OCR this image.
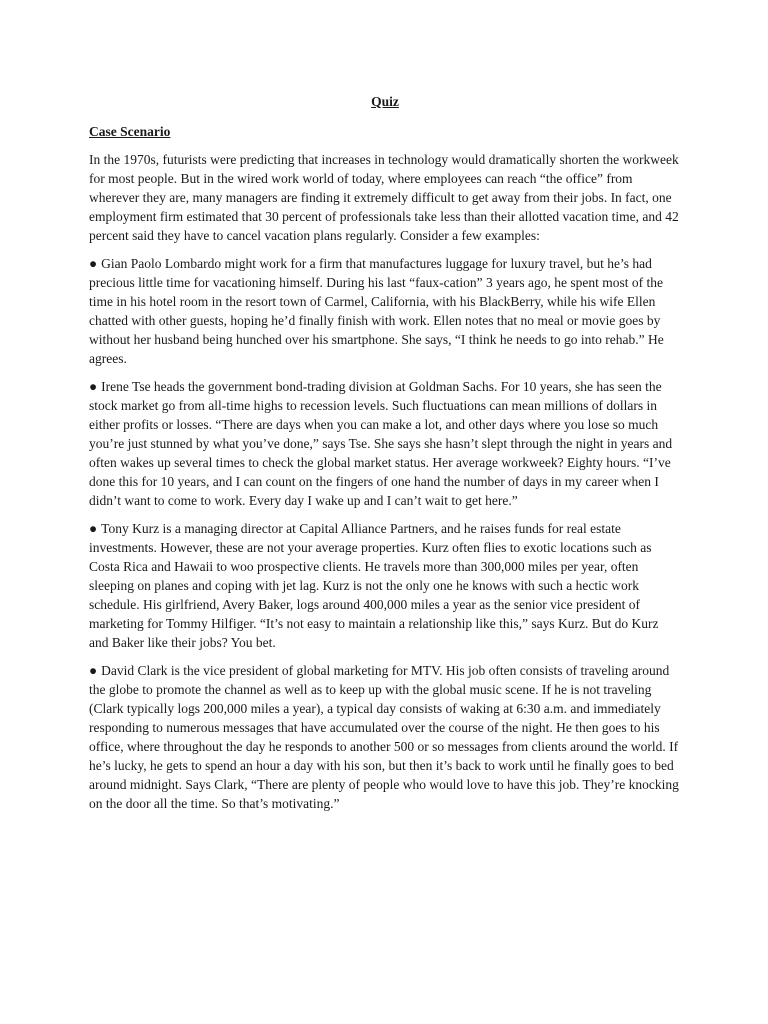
Quiz
Case Scenario

In the 1970s, futurists were predicting that increases in technology would dramatically shorten the workweek for most people. But in the wired work world of today, where employees can reach “the office” from wherever they are, many managers are finding it extremely difficult to get away from their jobs. In fact, one employment firm estimated that 30 percent of professionals take less than their allotted vacation time, and 42 percent said they have to cancel vacation plans regularly. Consider a few examples:

● Gian Paolo Lombardo might work for a firm that manufactures luggage for luxury travel, but he’s had precious little time for vacationing himself. During his last “faux-cation” 3 years ago, he spent most of the time in his hotel room in the resort town of Carmel, California, with his BlackBerry, while his wife Ellen chatted with other guests, hoping he’d finally finish with work. Ellen notes that no meal or movie goes by without her husband being hunched over his smartphone. She says, “I think he needs to go into rehab.” He agrees.

● Irene Tse heads the government bond-trading division at Goldman Sachs. For 10 years, she has seen the stock market go from all-time highs to recession levels. Such fluctuations can mean millions of dollars in either profits or losses. “There are days when you can make a lot, and other days where you lose so much you’re just stunned by what you’ve done,” says Tse. She says she hasn’t slept through the night in years and often wakes up several times to check the global market status. Her average workweek? Eighty hours. “I’ve done this for 10 years, and I can count on the fingers of one hand the number of days in my career when I didn’t want to come to work. Every day I wake up and I can’t wait to get here.”

● Tony Kurz is a managing director at Capital Alliance Partners, and he raises funds for real estate investments. However, these are not your average properties. Kurz often flies to exotic locations such as Costa Rica and Hawaii to woo prospective clients. He travels more than 300,000 miles per year, often sleeping on planes and coping with jet lag. Kurz is not the only one he knows with such a hectic work schedule. His girlfriend, Avery Baker, logs around 400,000 miles a year as the senior vice president of marketing for Tommy Hilfiger. “It’s not easy to maintain a relationship like this,” says Kurz. But do Kurz and Baker like their jobs? You bet.

● David Clark is the vice president of global marketing for MTV. His job often consists of traveling around the globe to promote the channel as well as to keep up with the global music scene. If he is not traveling (Clark typically logs 200,000 miles a year), a typical day consists of waking at 6:30 a.m. and immediately responding to numerous messages that have accumulated over the course of the night. He then goes to his office, where throughout the day he responds to another 500 or so messages from clients around the world. If he’s lucky, he gets to spend an hour a day with his son, but then it’s back to work until he finally goes to bed around midnight. Says Clark, “There are plenty of people who would love to have this job. They’re knocking on the door all the time. So that’s motivating.”
